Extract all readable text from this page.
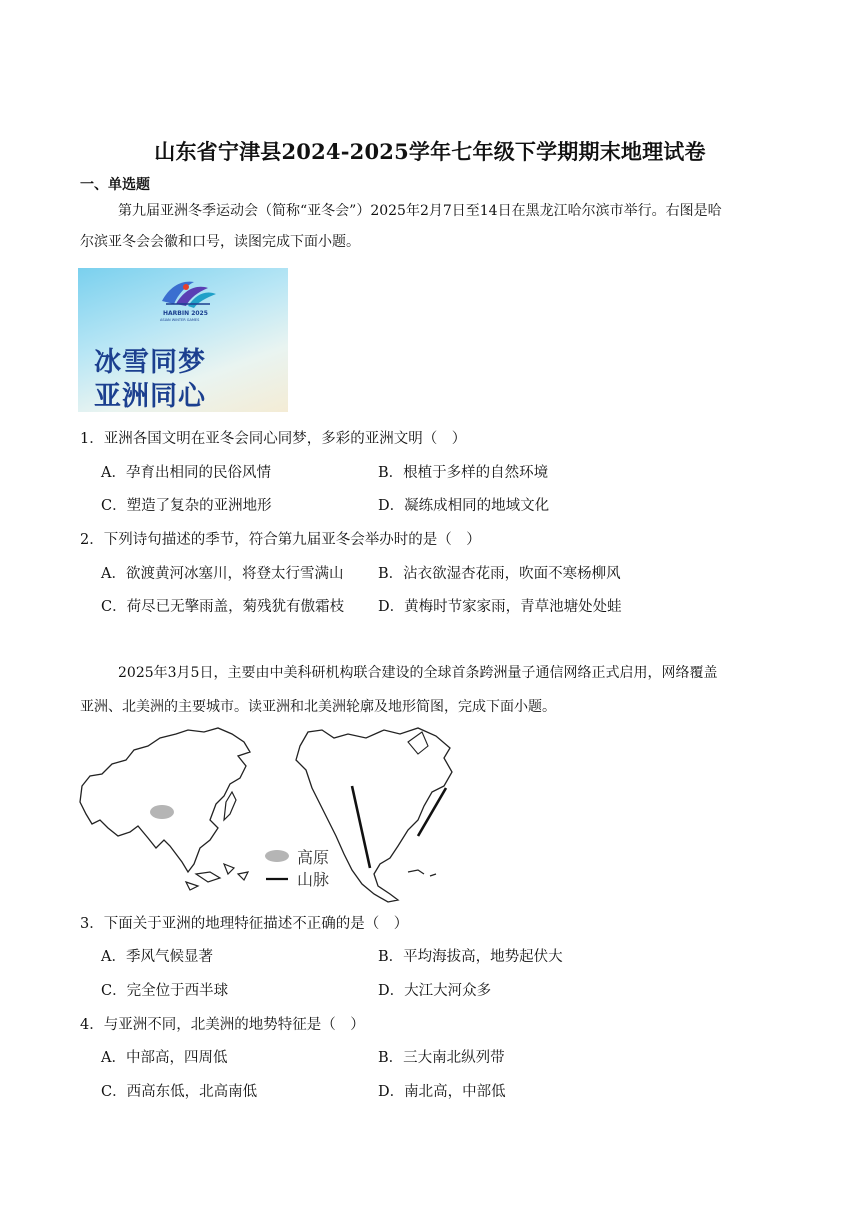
山东省宁津县2024-2025学年七年级下学期期末地理试卷
一、单选题
第九届亚洲冬季运动会（简称“亚冬会”）2025年2月7日至14日在黑龙江哈尔滨市举行。右图是哈
尔滨亚冬会会徽和口号，读图完成下面小题。
HARBIN 2025
ASIAN WINTER GAMES
冰雪同梦
亚洲同心
1．亚洲各国文明在亚冬会同心同梦，多彩的亚洲文明（　）
A．孕育出相同的民俗风情	B．根植于多样的自然环境
C．塑造了复杂的亚洲地形	D．凝练成相同的地域文化
2．下列诗句描述的季节，符合第九届亚冬会举办时的是（　）
A．欲渡黄河冰塞川，将登太行雪满山 B．沾衣欲湿杏花雨，吹面不寒杨柳风
C．荷尽已无擎雨盖，菊残犹有傲霜枝 D．黄梅时节家家雨，青草池塘处处蛙
2025年3月5日，主要由中美科研机构联合建设的全球首条跨洲量子通信网络正式启用，网络覆盖
亚洲、北美洲的主要城市。读亚洲和北美洲轮廓及地形简图，完成下面小题。
高原
山脉
3．下面关于亚洲的地理特征描述不正确的是（　）
A．季风气候显著	B．平均海拔高，地势起伏大
C．完全位于西半球	D．大江大河众多
4．与亚洲不同，北美洲的地势特征是（　）
A．中部高，四周低	B．三大南北纵列带
C．西高东低，北高南低	D．南北高，中部低
